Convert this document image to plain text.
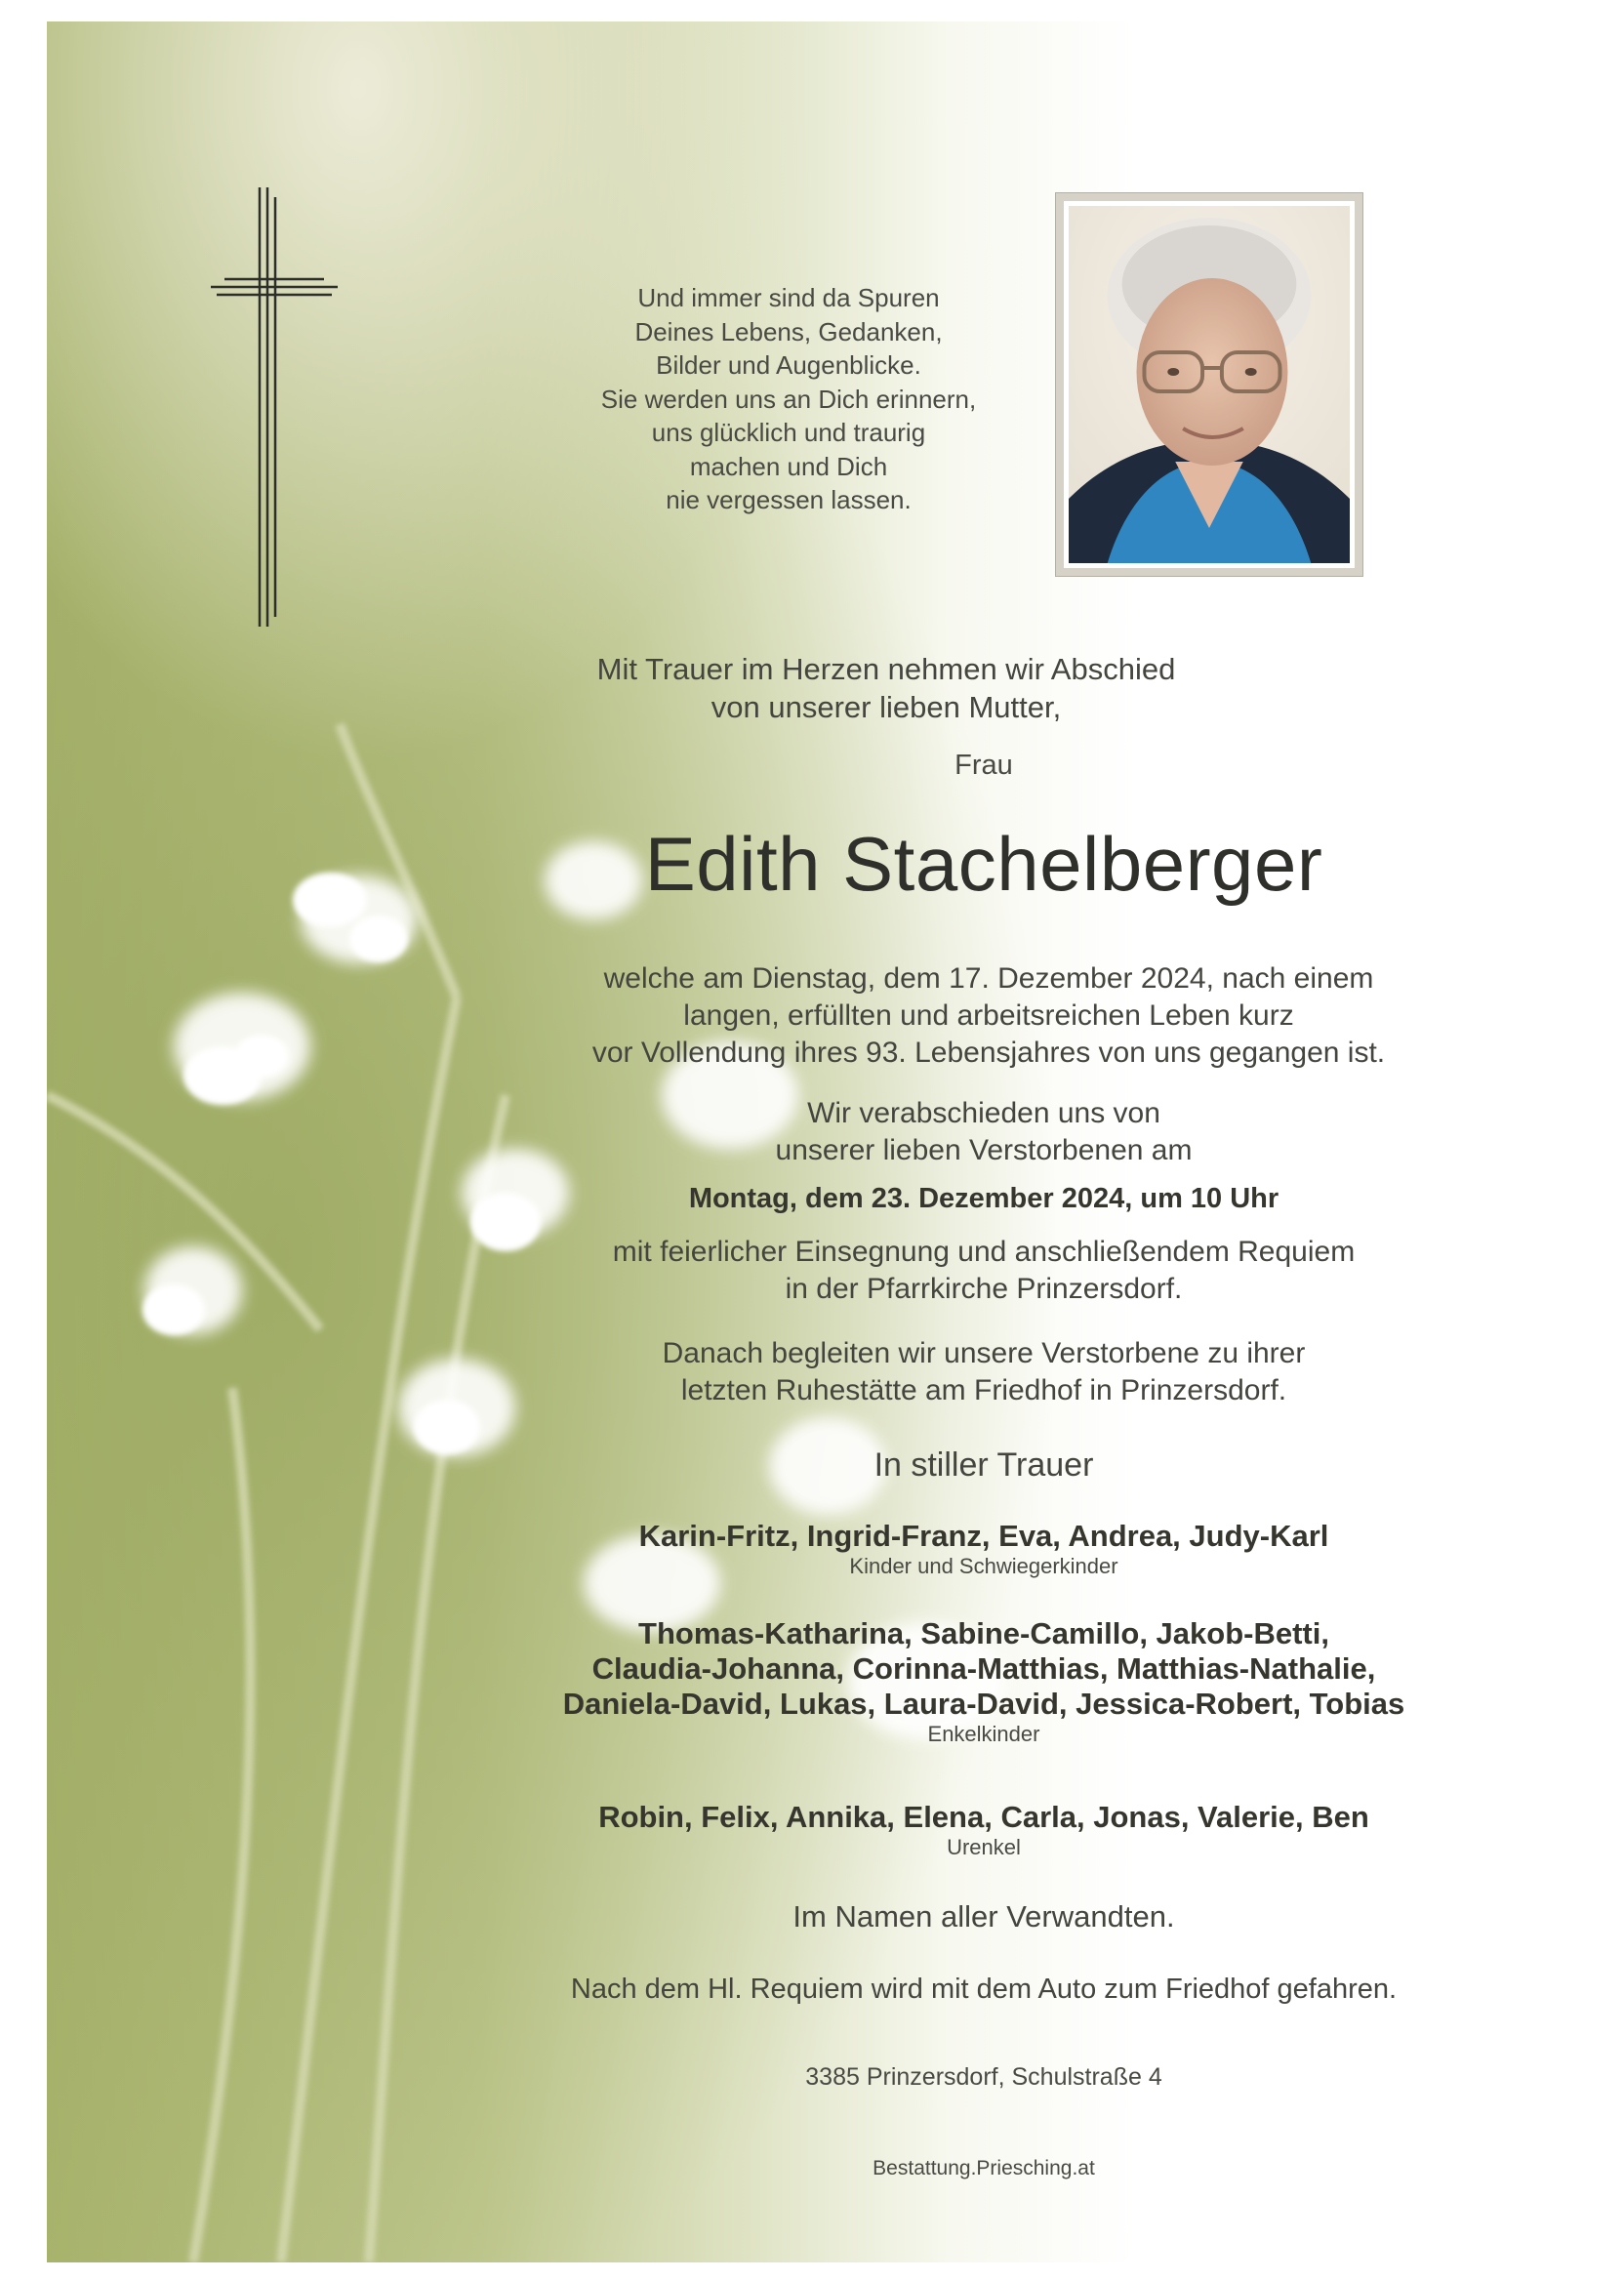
Und immer sind da Spuren
Deines Lebens, Gedanken,
Bilder und Augenblicke.
Sie werden uns an Dich erinnern,
uns glücklich und traurig
machen und Dich
nie vergessen lassen.
Mit Trauer im Herzen nehmen wir Abschied
von unserer lieben Mutter,
Frau
Edith Stachelberger
welche am Dienstag, dem 17. Dezember 2024, nach einem
langen, erfüllten und arbeitsreichen Leben kurz
vor Vollendung ihres 93. Lebensjahres von uns gegangen ist.
Wir verabschieden uns von
unserer lieben Verstorbenen am
Montag, dem 23. Dezember 2024, um 10 Uhr
mit feierlicher Einsegnung und anschließendem Requiem
in der Pfarrkirche Prinzersdorf.
Danach begleiten wir unsere Verstorbene zu ihrer
letzten Ruhestätte am Friedhof in Prinzersdorf.
In stiller Trauer
Karin-Fritz, Ingrid-Franz, Eva, Andrea, Judy-Karl
Kinder und Schwiegerkinder
Thomas-Katharina, Sabine-Camillo, Jakob-Betti,
Claudia-Johanna, Corinna-Matthias, Matthias-Nathalie,
Daniela-David, Lukas, Laura-David, Jessica-Robert, Tobias
Enkelkinder
Robin, Felix, Annika, Elena, Carla, Jonas, Valerie, Ben
Urenkel
Im Namen aller Verwandten.
Nach dem Hl. Requiem wird mit dem Auto zum Friedhof gefahren.
3385 Prinzersdorf, Schulstraße 4
Bestattung.Priesching.at
